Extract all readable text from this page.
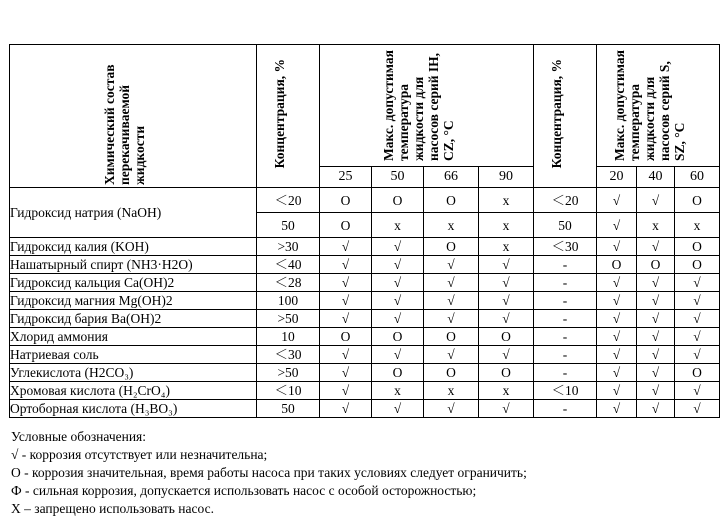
Химический состав перекачиваемой жидкости	Концентрация, %	Макс. допустимая температура жидкости для насосов серий IH, CZ, °C				Концентрация, %	Макс. допустимая температура жидкости для насосов серий S, SZ, °C		
		25	50	66	90		20	40	60
Гидроксид натрия (NaOH)	＜20	O	O	O	x	＜20	√	√	O
	50	O	x	x	x	50	√	x	x
Гидроксид калия (KOH)	>30	√	√	O	x	＜30	√	√	O
Нашатырный спирт (NH3·H2O)	＜40	√	√	√	√	-	O	O	O
Гидроксид кальция Ca(OH)2	＜28	√	√	√	√	-	√	√	√
Гидроксид магния Mg(OH)2	100	√	√	√	√	-	√	√	√
Гидроксид бария Ba(OH)2	>50	√	√	√	√	-	√	√	√
Хлорид аммония	10	O	O	O	O	-	√	√	√
Натриевая соль	＜30	√	√	√	√	-	√	√	√
Углекислота (H2CO₃)	>50	√	O	O	O	-	√	√	O
Хромовая кислота (H₂CrO₄)	＜10	√	x	x	x	＜10	√	√	√
Ортоборная кислота (H₃BO₃)	50	√	√	√	√	-	√	√	√
Условные обозначения:
√ - коррозия отсутствует или незначительна;
O - коррозия значительная, время работы насоса при таких условиях следует ограничить;
Ф - сильная коррозия, допускается использовать насос с особой осторожностью;
X – запрещено использовать насос.
